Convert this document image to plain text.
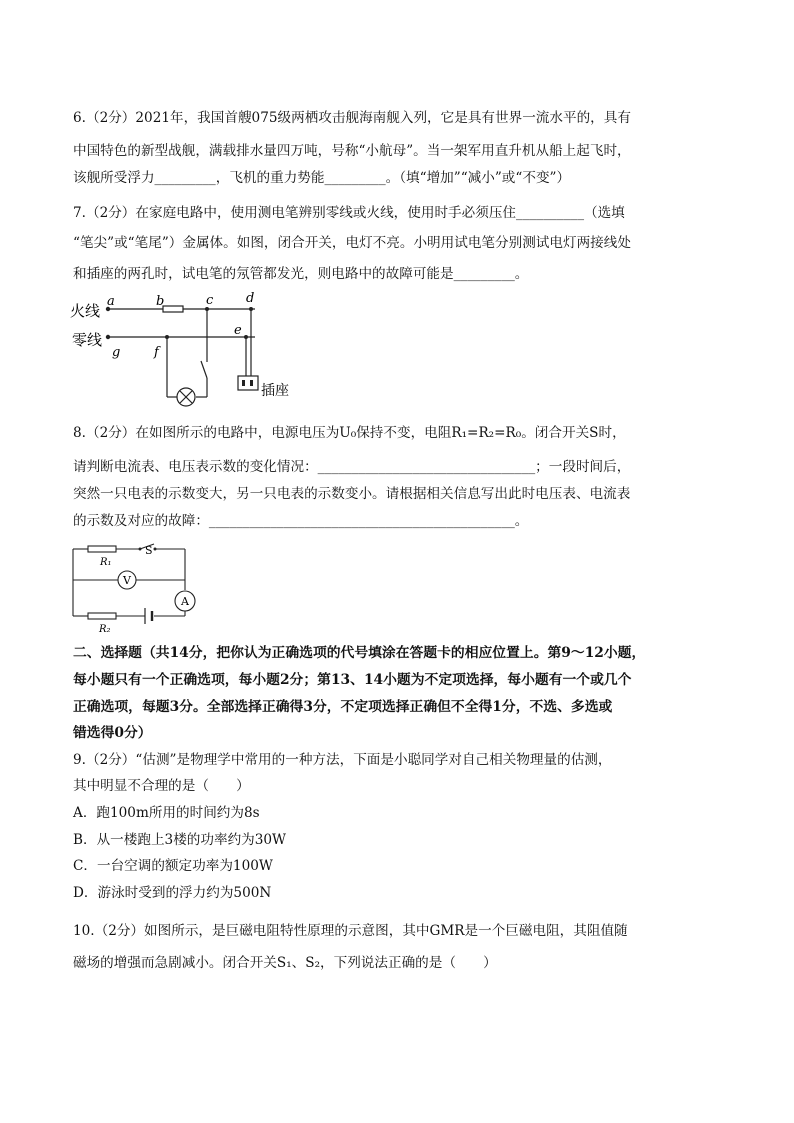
6.（2分）2021年，我国首艘075级两栖攻击舰海南舰入列，它是具有世界一流水平的，具有
中国特色的新型战舰，满载排水量四万吨，号称“小航母”。当一架军用直升机从船上起飞时，
该舰所受浮力_________，飞机的重力势能_________。（填“增加”“减小”或“不变”）
7.（2分）在家庭电路中，使用测电笔辨别零线或火线，使用时手必须压住__________（选填
“笔尖”或“笔尾”）金属体。如图，闭合开关，电灯不亮。小明用试电笔分别测试电灯两接线处
和插座的两孔时，试电笔的氖管都发光，则电路中的故障可能是_________。
火线
零线
插座
a	b	c	d
e
f
g
8.（2分）在如图所示的电路中，电源电压为U₀保持不变，电阻R₁=R₂=R₀。闭合开关S时，
请判断电流表、电压表示数的变化情况：________________________________；一段时间后，
突然一只电表的示数变大，另一只电表的示数变小。请根据相关信息写出此时电压表、电流表
的示数及对应的故障：_____________________________________________。
R₁
R₂
S
V
A
二、选择题（共14分，把你认为正确选项的代号填涂在答题卡的相应位置上。第9～12小题，
每小题只有一个正确选项，每小题2分；第13、14小题为不定项选择，每小题有一个或几个
正确选项，每题3分。全部选择正确得3分，不定项选择正确但不全得1分，不选、多选或
错选得0分）
9.（2分）“估测”是物理学中常用的一种方法，下面是小聪同学对自己相关物理量的估测，
其中明显不合理的是（　　）
A．跑100m所用的时间约为8s
B．从一楼跑上3楼的功率约为30W
C．一台空调的额定功率为100W
D．游泳时受到的浮力约为500N
10.（2分）如图所示，是巨磁电阻特性原理的示意图，其中GMR是一个巨磁电阻，其阻值随
磁场的增强而急剧减小。闭合开关S₁、S₂，下列说法正确的是（　　）
